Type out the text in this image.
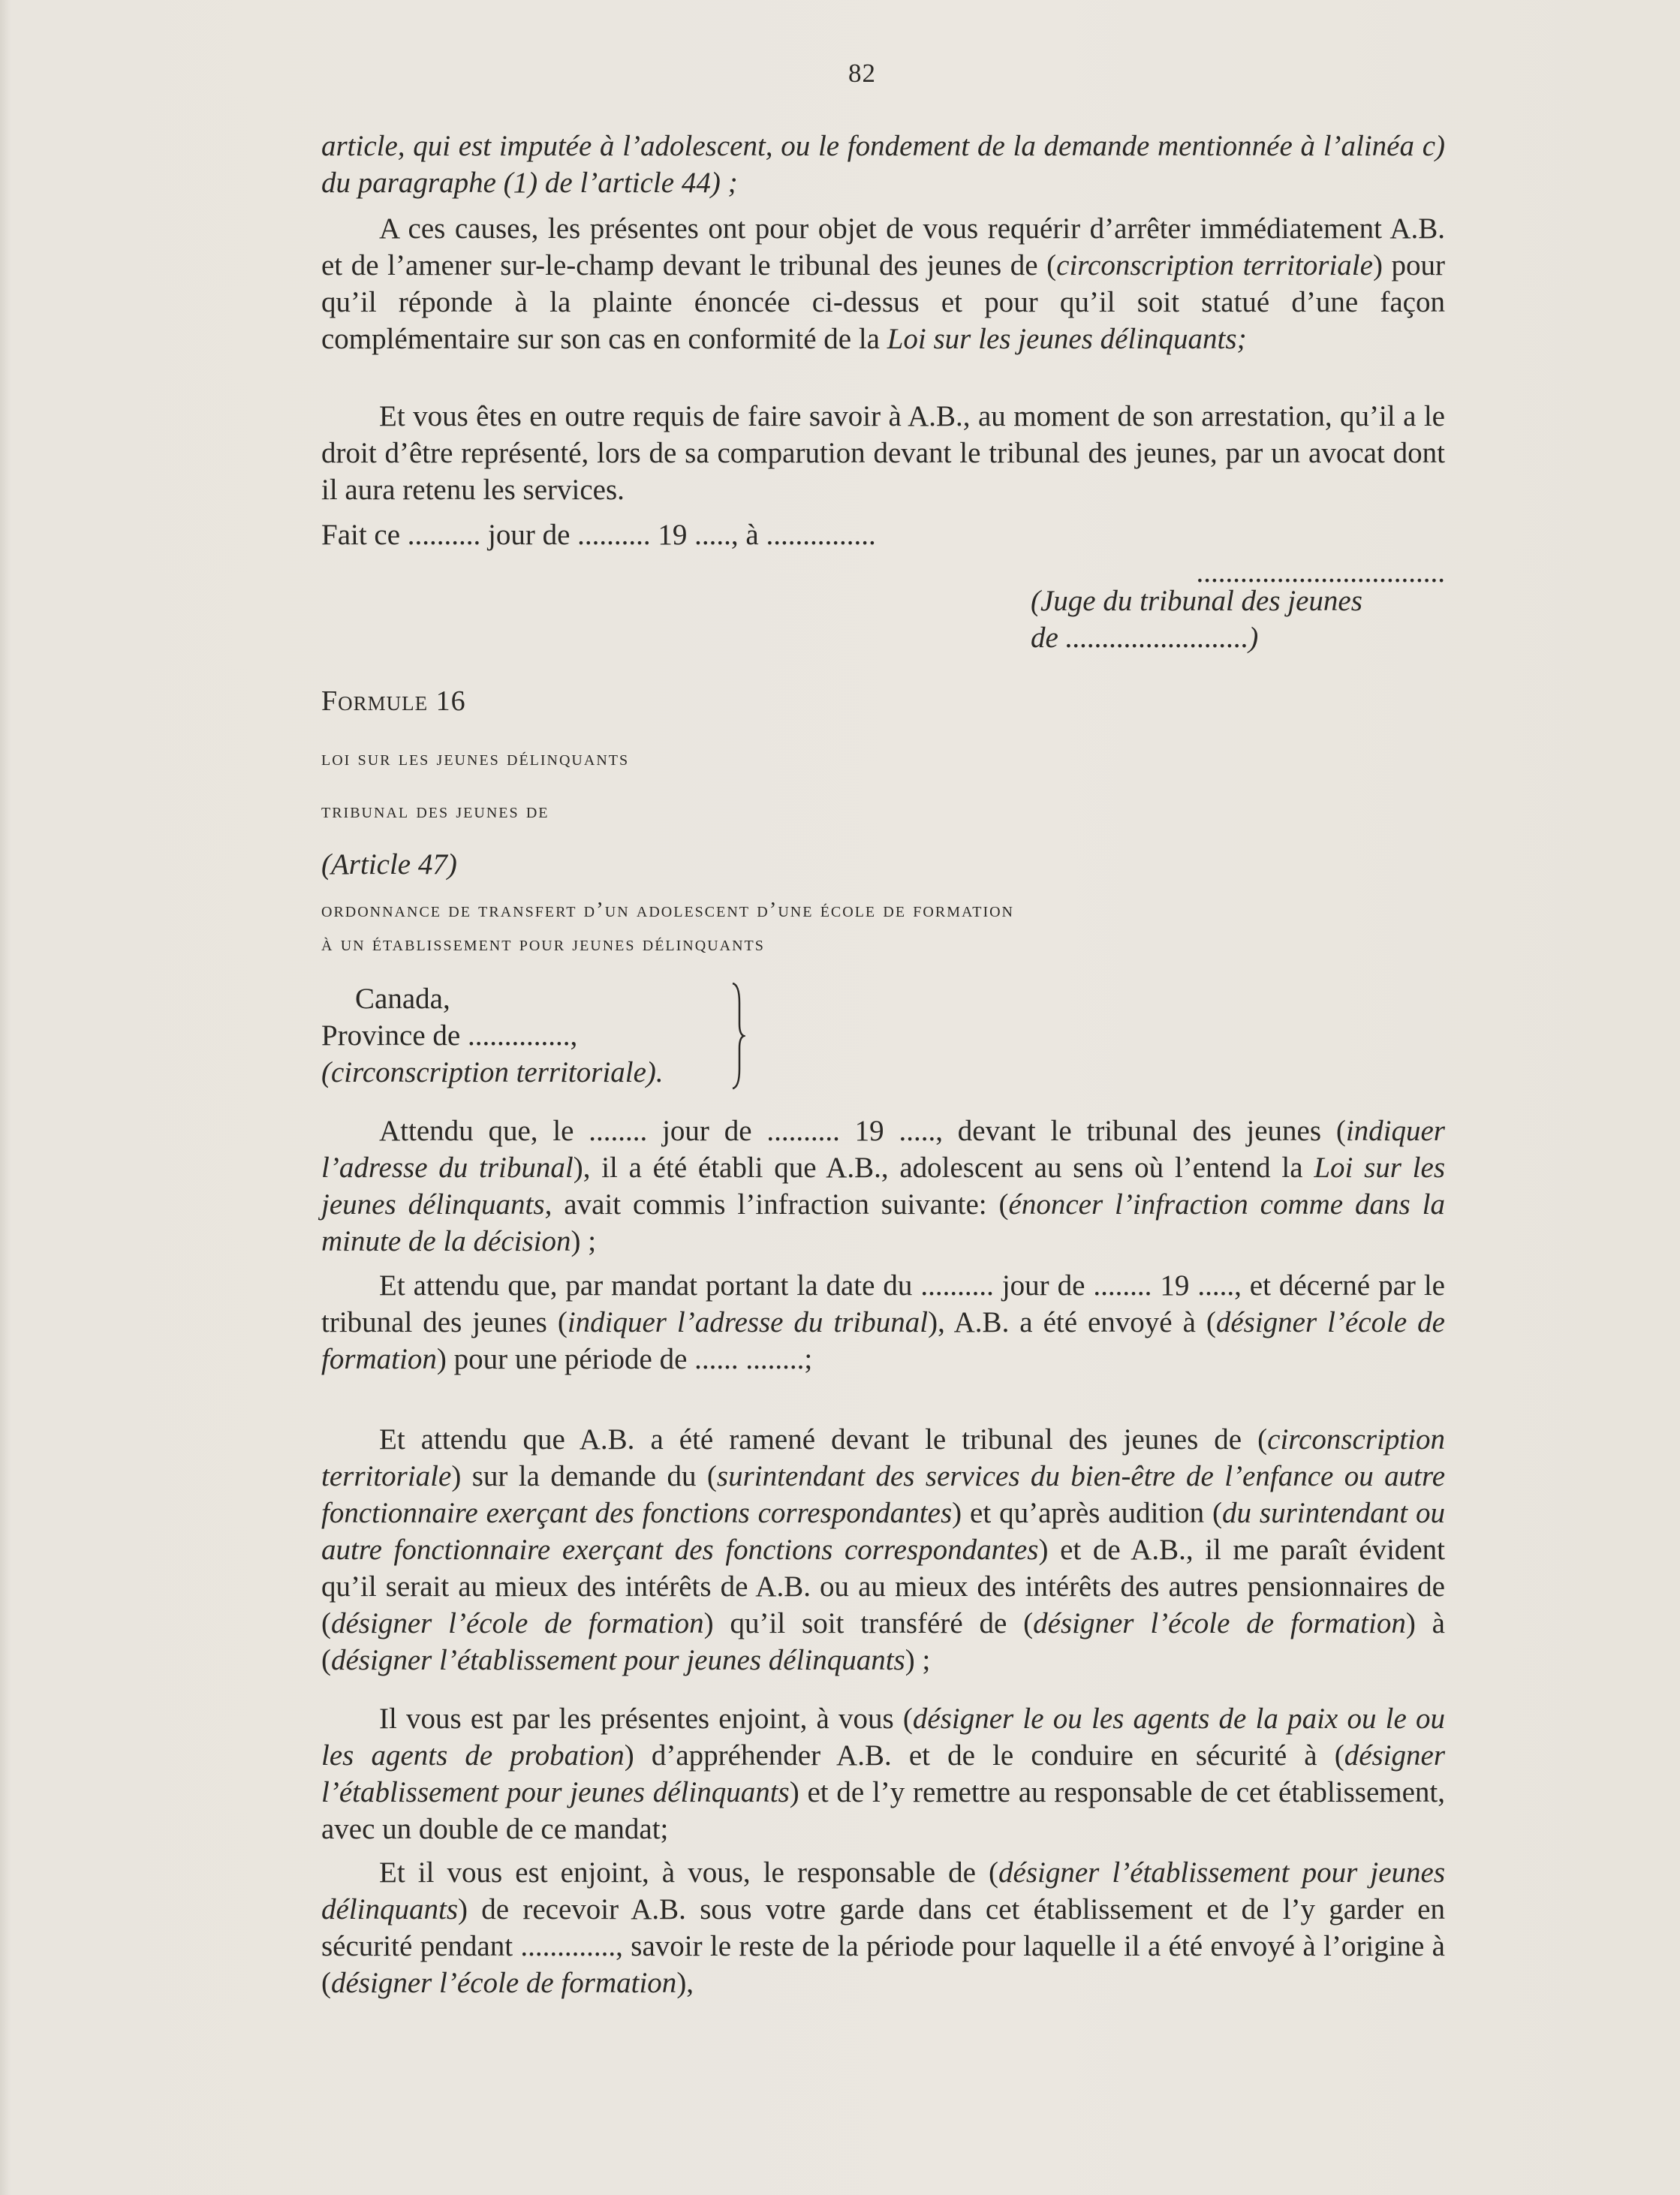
82

article, qui est imputée à l’adolescent, ou le fondement de la demande mentionnée à l’alinéa c) du paragraphe (1) de l’article 44) ;

A ces causes, les présentes ont pour objet de vous requérir d’arrêter immédiatement A.B. et de l’amener sur-le-champ devant le tribunal des jeunes de (circonscription territoriale) pour qu’il réponde à la plainte énoncée ci-dessus et pour qu’il soit statué d’une façon complémentaire sur son cas en conformité de la Loi sur les jeunes délinquants;

Et vous êtes en outre requis de faire savoir à A.B., au moment de son arrestation, qu’il a le droit d’être représenté, lors de sa comparution devant le tribunal des jeunes, par un avocat dont il aura retenu les services.

Fait ce .......... jour de .......... 19 ....., à ...............

..................................

(Juge du tribunal des jeunes
de .........................)

Formule 16

loi sur les jeunes délinquants

tribunal des jeunes de

(Article 47)

ordonnance de transfert d’un adolescent d’une école de formation

à un établissement pour jeunes délinquants

Canada,
Province de ..............,
(circonscription territoriale).

Attendu que, le ........ jour de .......... 19 ....., devant le tribunal des jeunes (indiquer l’adresse du tribunal), il a été établi que A.B., adolescent au sens où l’entend la Loi sur les jeunes délinquants, avait commis l’infraction suivante: (énoncer l’infraction comme dans la minute de la décision) ;

Et attendu que, par mandat portant la date du .......... jour de ........ 19 ....., et décerné par le tribunal des jeunes (indiquer l’adresse du tribunal), A.B. a été envoyé à (désigner l’école de formation) pour une période de ...... ........;

Et attendu que A.B. a été ramené devant le tribunal des jeunes de (circonscription territoriale) sur la demande du (surintendant des services du bien-être de l’enfance ou autre fonctionnaire exerçant des fonctions correspondantes) et qu’après audition (du surintendant ou autre fonctionnaire exerçant des fonctions correspondantes) et de A.B., il me paraît évident qu’il serait au mieux des intérêts de A.B. ou au mieux des intérêts des autres pensionnaires de (désigner l’école de formation) qu’il soit transféré de (désigner l’école de formation) à (désigner l’établissement pour jeunes délinquants) ;

Il vous est par les présentes enjoint, à vous (désigner le ou les agents de la paix ou le ou les agents de probation) d’appréhender A.B. et de le conduire en sécurité à (désigner l’établissement pour jeunes délinquants) et de l’y remettre au responsable de cet établissement, avec un double de ce mandat;

Et il vous est enjoint, à vous, le responsable de (désigner l’établissement pour jeunes délinquants) de recevoir A.B. sous votre garde dans cet établissement et de l’y garder en sécurité pendant ............., savoir le reste de la période pour laquelle il a été envoyé à l’origine à (désigner l’école de formation),
